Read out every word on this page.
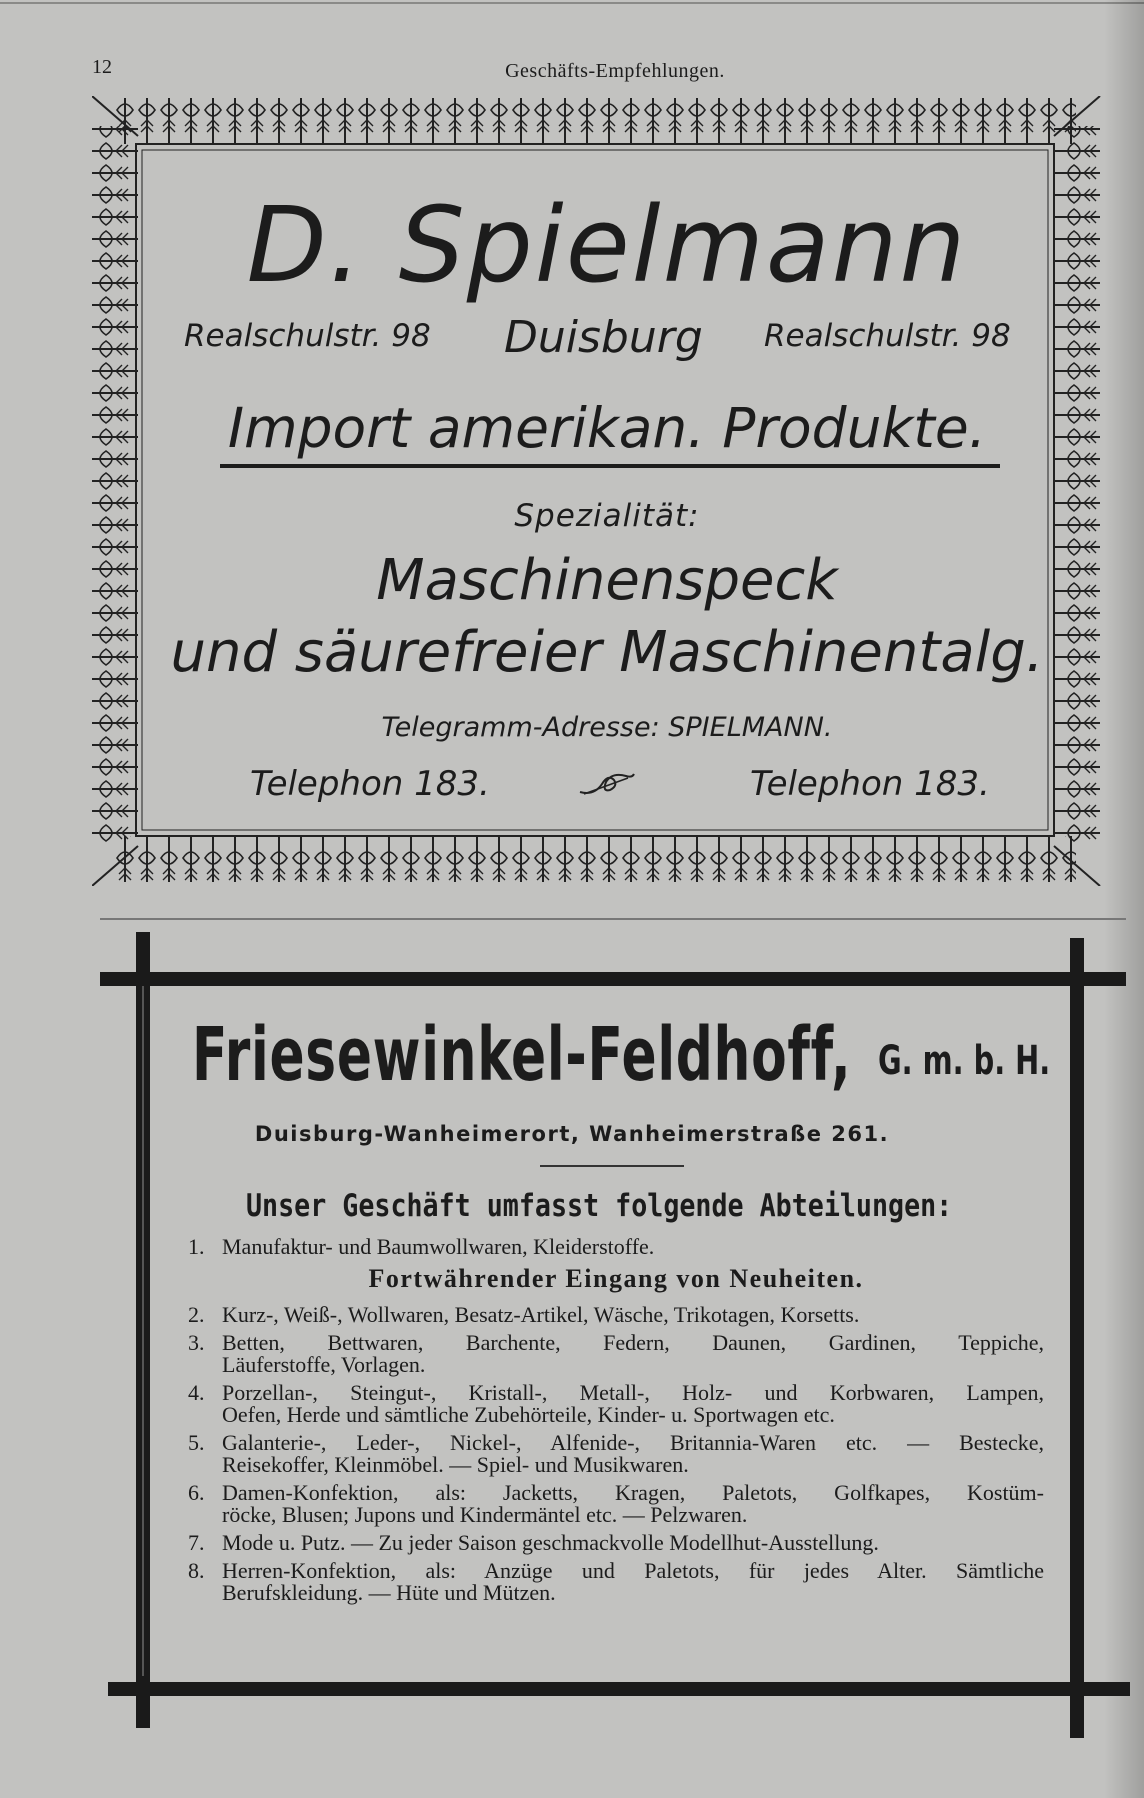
12	Geschäfts-Empfehlungen.
D. Spielmann
Realschulstr. 98 Duisburg Realschulstr. 98
Import amerikan. Produkte.
Spezialität:
Maschinenspeck
und säurefreier Maschinentalg.
Telegramm-Adresse: SPIELMANN.
Telephon 183.	Telephon 183.
Friesewinkel-Feldhoff, G. m. b. H.
Duisburg-Wanheimerort, Wanheimerstraße 261.
Unser Geschäft umfasst folgende Abteilungen:
1. Manufaktur- und Baumwollwaren, Kleiderstoffe.
Fortwährender Eingang von Neuheiten.
2. Kurz-, Weiß-, Wollwaren, Besatz-Artikel, Wäsche, Trikotagen, Korsetts.
3. Betten, Bettwaren, Barchente, Federn, Daunen, Gardinen, Teppiche,
Läuferstoffe, Vorlagen.
4. Porzellan-, Steingut-, Kristall-, Metall-, Holz- und Korbwaren, Lampen,
Oefen, Herde und sämtliche Zubehörteile, Kinder- u. Sportwagen etc.
5. Galanterie-, Leder-, Nickel-, Alfenide-, Britannia-Waren etc. — Bestecke,
Reisekoffer, Kleinmöbel. — Spiel- und Musikwaren.
6. Damen-Konfektion, als: Jacketts, Kragen, Paletots, Golfkapes, Kostüm-
röcke, Blusen; Jupons und Kindermäntel etc. — Pelzwaren.
7. Mode u. Putz. — Zu jeder Saison geschmackvolle Modellhut-Ausstellung.
8. Herren-Konfektion, als: Anzüge und Paletots, für jedes Alter. Sämtliche
Berufskleidung. — Hüte und Mützen.
